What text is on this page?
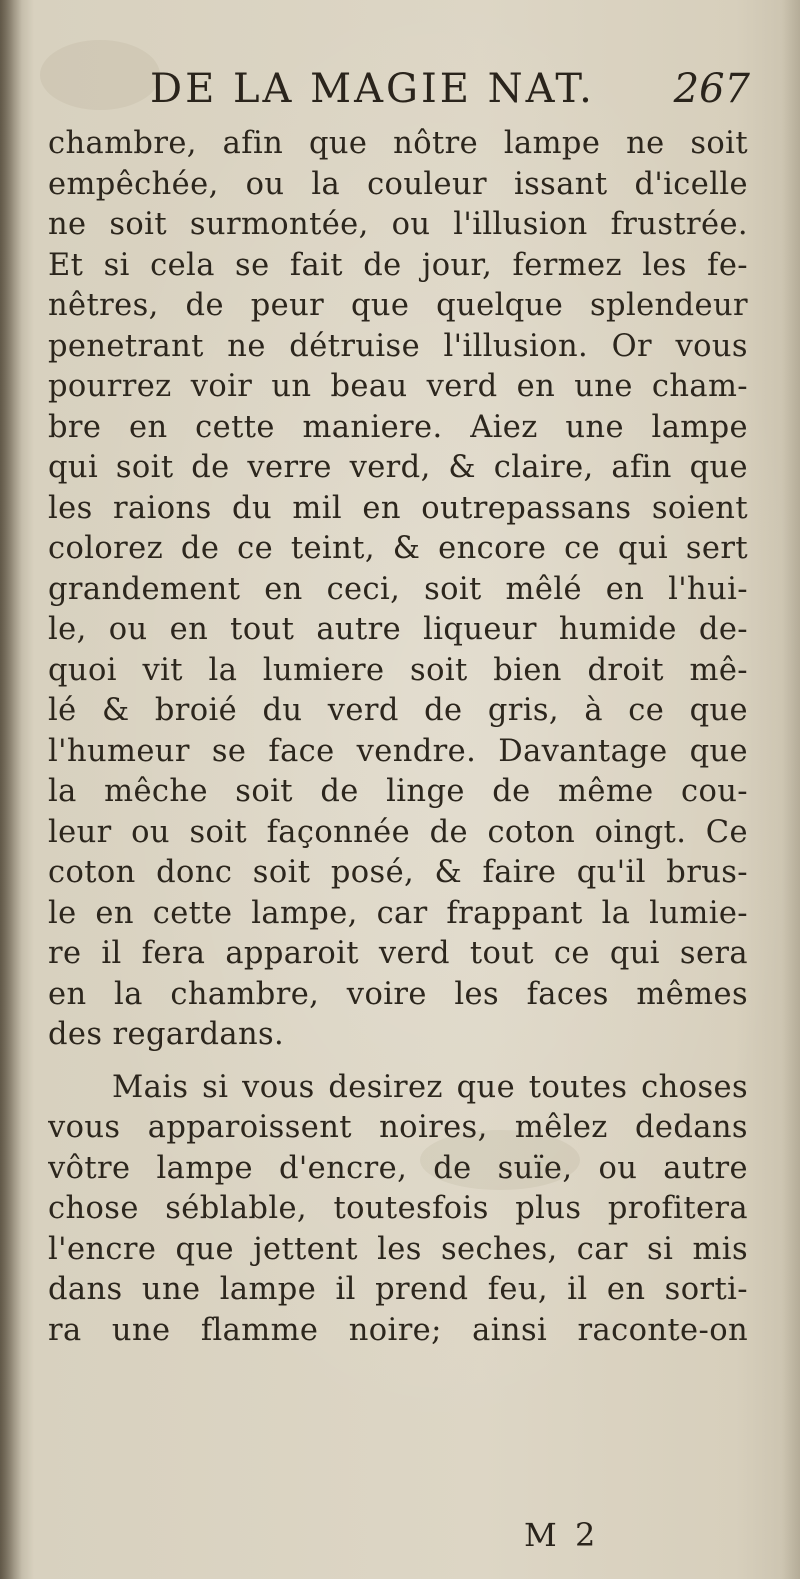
DE LA MAGIE NAT. 267
chambre, afin que nôtre lampe ne soit
empêchée, ou la couleur issant d'icelle
ne soit surmontée, ou l'illusion frustrée.
Et si cela se fait de jour, fermez les fe-
nêtres, de peur que quelque splendeur
penetrant ne détruise l'illusion. Or vous
pourrez voir un beau verd en une cham-
bre en cette maniere. Aiez une lampe
qui soit de verre verd, & claire, afin que
les raions du mil en outrepassans soient
colorez de ce teint, & encore ce qui sert
grandement en ceci, soit mêlé en l'hui-
le, ou en tout autre liqueur humide de-
quoi vit la lumiere soit bien droit mê-
lé & broié du verd de gris, à ce que
l'humeur se face vendre. Davantage que
la mêche soit de linge de même cou-
leur ou soit façonnée de coton oingt. Ce
coton donc soit posé, & faire qu'il brus-
le en cette lampe, car frappant la lumie-
re il fera apparoit verd tout ce qui sera
en la chambre, voire les faces mêmes
des regardans.
Mais si vous desirez que toutes choses
vous apparoissent noires, mêlez dedans
vôtre lampe d'encre, de suïe, ou autre
chose séblable, toutesfois plus profitera
l'encre que jettent les seches, car si mis
dans une lampe il prend feu, il en sorti-
ra une flamme noire; ainsi raconte-on
M 2
